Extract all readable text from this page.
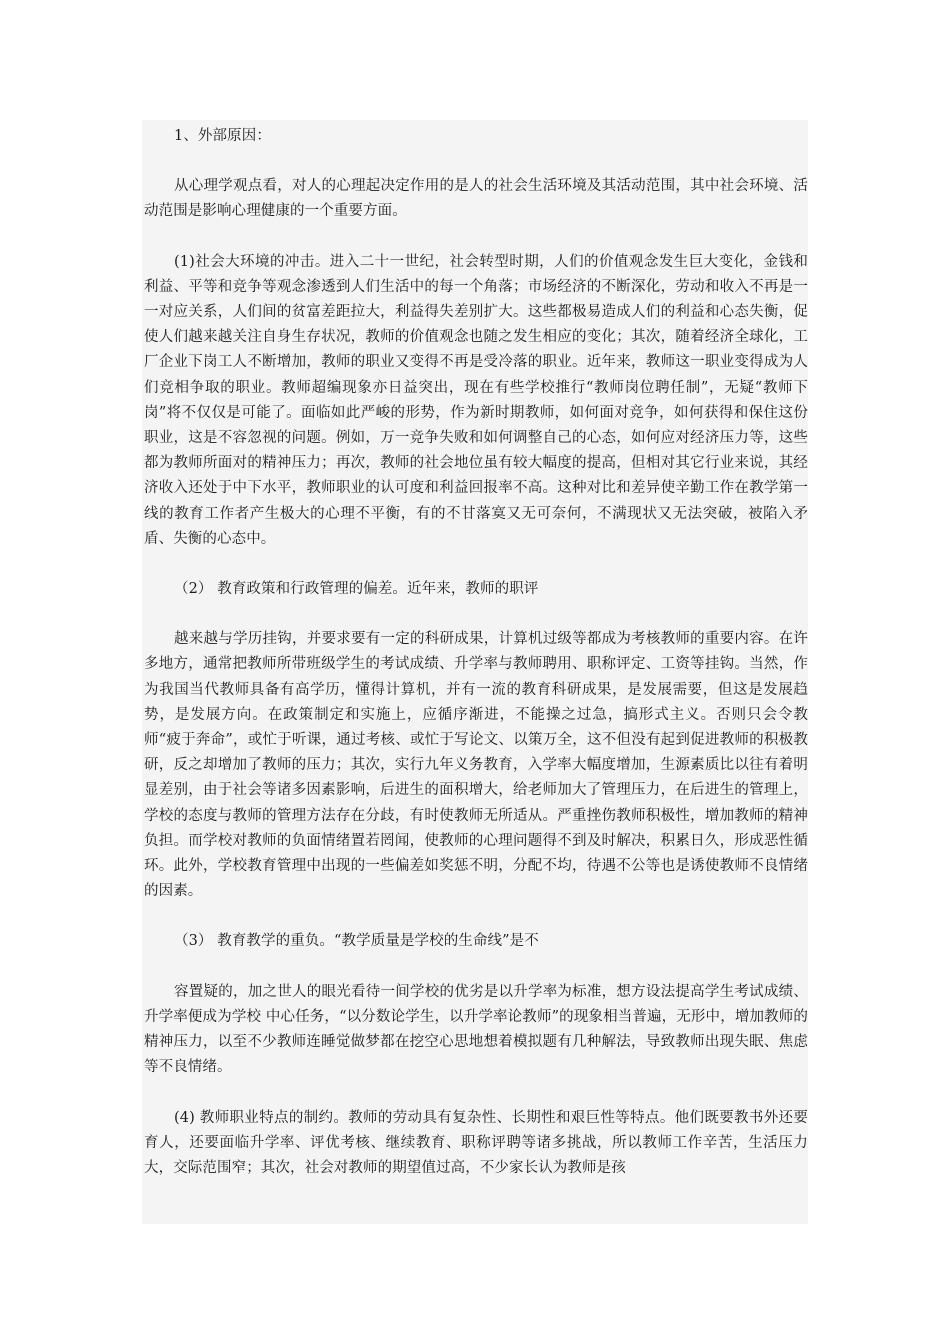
1、外部原因：

从心理学观点看，对人的心理起决定作用的是人的社会生活环境及其活动范围，其中社会环境、活动范围是影响心理健康的一个重要方面。

(1)社会大环境的冲击。进入二十一世纪，社会转型时期，人们的价值观念发生巨大变化，金钱和利益、平等和竞争等观念渗透到人们生活中的每一个角落；市场经济的不断深化，劳动和收入不再是一一对应关系，人们间的贫富差距拉大，利益得失差别扩大。这些都极易造成人们的利益和心态失衡，促使人们越来越关注自身生存状况，教师的价值观念也随之发生相应的变化；其次，随着经济全球化，工厂企业下岗工人不断增加，教师的职业又变得不再是受冷落的职业。近年来，教师这一职业变得成为人们竞相争取的职业。教师超编现象亦日益突出，现在有些学校推行“教师岗位聘任制”，无疑“教师下岗”将不仅仅是可能了。面临如此严峻的形势，作为新时期教师，如何面对竞争，如何获得和保住这份职业，这是不容忽视的问题。例如，万一竞争失败和如何调整自己的心态，如何应对经济压力等，这些都为教师所面对的精神压力；再次，教师的社会地位虽有较大幅度的提高，但相对其它行业来说，其经济收入还处于中下水平，教师职业的认可度和利益回报率不高。这种对比和差异使辛勤工作在教学第一线的教育工作者产生极大的心理不平衡，有的不甘落寞又无可奈何，不满现状又无法突破，被陷入矛盾、失衡的心态中。

（2） 教育政策和行政管理的偏差。近年来，教师的职评

越来越与学历挂钩，并要求要有一定的科研成果，计算机过级等都成为考核教师的重要内容。在许多地方，通常把教师所带班级学生的考试成绩、升学率与教师聘用、职称评定、工资等挂钩。当然，作为我国当代教师具备有高学历，懂得计算机，并有一流的教育科研成果，是发展需要，但这是发展趋势，是发展方向。在政策制定和实施上，应循序渐进，不能操之过急，搞形式主义。否则只会令教师“疲于奔命”，或忙于听课，通过考核、或忙于写论文、以策万全，这不但没有起到促进教师的积极教研，反之却增加了教师的压力；其次，实行九年义务教育，入学率大幅度增加，生源素质比以往有着明显差别，由于社会等诸多因素影响，后进生的面积增大，给老师加大了管理压力，在后进生的管理上，学校的态度与教师的管理方法存在分歧，有时使教师无所适从。严重挫伤教师积极性，增加教师的精神负担。而学校对教师的负面情绪置若罔闻，使教师的心理问题得不到及时解决，积累日久，形成恶性循环。此外，学校教育管理中出现的一些偏差如奖惩不明，分配不均，待遇不公等也是诱使教师不良情绪的因素。

（3） 教育教学的重负。“教学质量是学校的生命线”是不

容置疑的，加之世人的眼光看待一间学校的优劣是以升学率为标准，想方设法提高学生考试成绩、升学率便成为学校 中心任务，“以分数论学生，以升学率论教师”的现象相当普遍，无形中，增加教师的精神压力，以至不少教师连睡觉做梦都在挖空心思地想着模拟题有几种解法，导致教师出现失眠、焦虑等不良情绪。

(4) 教师职业特点的制约。教师的劳动具有复杂性、长期性和艰巨性等特点。他们既要教书外还要育人，还要面临升学率、评优考核、继续教育、职称评聘等诸多挑战，所以教师工作辛苦，生活压力大，交际范围窄；其次，社会对教师的期望值过高，不少家长认为教师是孩
